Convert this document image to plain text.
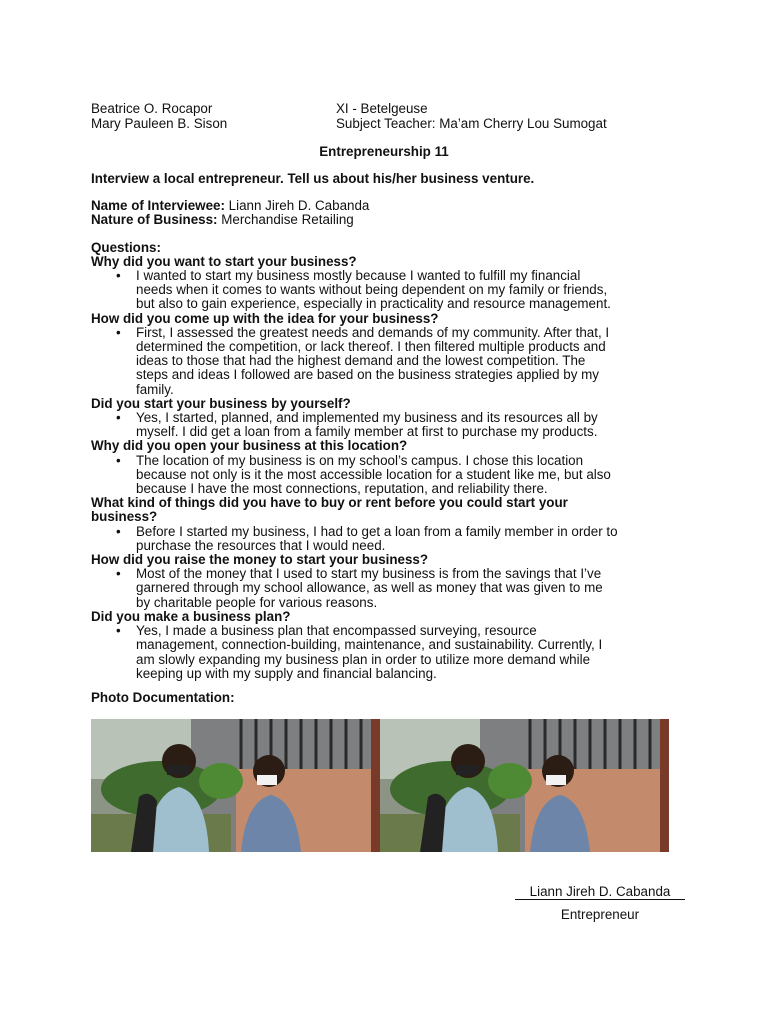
Beatrice O. Rocapor
Mary Pauleen B. Sison
XI - Betelgeuse
Subject Teacher: Ma’am Cherry Lou Sumogat
Entrepreneurship 11
Interview a local entrepreneur. Tell us about his/her business venture.
Name of Interviewee: Liann Jireh D. Cabanda
Nature of Business: Merchandise Retailing
Questions:
Why did you want to start your business?
• I wanted to start my business mostly because I wanted to fulfill my financial
needs when it comes to wants without being dependent on my family or friends,
but also to gain experience, especially in practicality and resource management.
How did you come up with the idea for your business?
• First, I assessed the greatest needs and demands of my community. After that, I
determined the competition, or lack thereof. I then filtered multiple products and
ideas to those that had the highest demand and the lowest competition. The
steps and ideas I followed are based on the business strategies applied by my
family.
Did you start your business by yourself?
• Yes, I started, planned, and implemented my business and its resources all by
myself. I did get a loan from a family member at first to purchase my products.
Why did you open your business at this location?
• The location of my business is on my school’s campus. I chose this location
because not only is it the most accessible location for a student like me, but also
because I have the most connections, reputation, and reliability there.
What kind of things did you have to buy or rent before you could start your
business?
• Before I started my business, I had to get a loan from a family member in order to
purchase the resources that I would need.
How did you raise the money to start your business?
• Most of the money that I used to start my business is from the savings that I’ve
garnered through my school allowance, as well as money that was given to me
by charitable people for various reasons.
Did you make a business plan?
• Yes, I made a business plan that encompassed surveying, resource
management, connection-building, maintenance, and sustainability. Currently, I
am slowly expanding my business plan in order to utilize more demand while
keeping up with my supply and financial balancing.
Photo Documentation:
Liann Jireh D. Cabanda
Entrepreneur
